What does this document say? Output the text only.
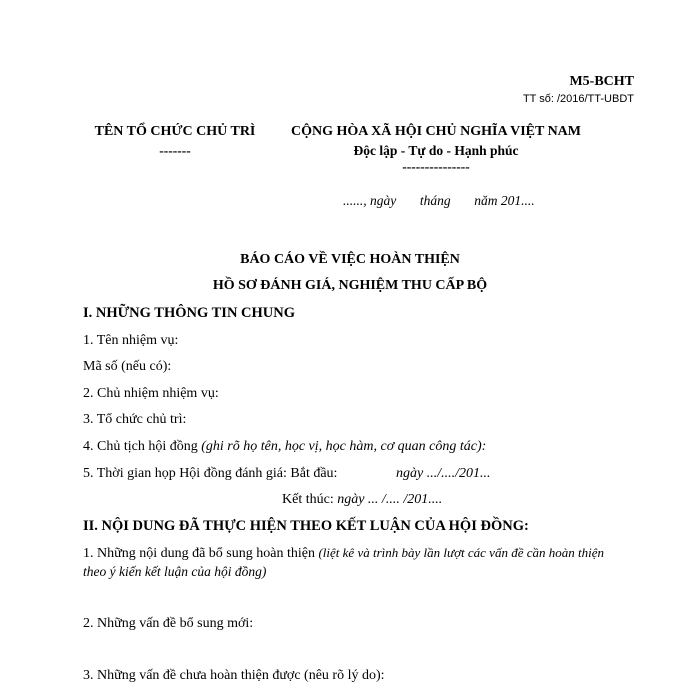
M5-BCHT
TT số: /2016/TT-UBDT
TÊN TỔ CHỨC CHỦ TRÌ
-------
CỘNG HÒA XÃ HỘI CHỦ NGHĨA VIỆT NAM
Độc lập - Tự do - Hạnh phúc
---------------
......, ngày       tháng       năm 201....
BÁO CÁO VỀ VIỆC HOÀN THIỆN
HỒ SƠ ĐÁNH GIÁ, NGHIỆM THU CẤP BỘ
I. NHỮNG THÔNG TIN CHUNG
1. Tên nhiệm vụ:
Mã số (nếu có):
2. Chủ nhiệm nhiệm vụ:
3. Tổ chức chủ trì:
4. Chủ tịch hội đồng (ghi rõ họ tên, học vị, học hàm, cơ quan công tác):
5. Thời gian họp Hội đồng đánh giá: Bắt đầu:	ngày .../..../201...
Kết thúc: ngày ... /.... /201....
II. NỘI DUNG ĐÃ THỰC HIỆN THEO KẾT LUẬN CỦA HỘI ĐỒNG:
1. Những nội dung đã bổ sung hoàn thiện (liệt kê và trình bày lần lượt các vấn đề cần hoàn thiện
theo ý kiến kết luận của hội đồng)
2. Những vấn đề bổ sung mới:
3. Những vấn đề chưa hoàn thiện được (nêu rõ lý do):
